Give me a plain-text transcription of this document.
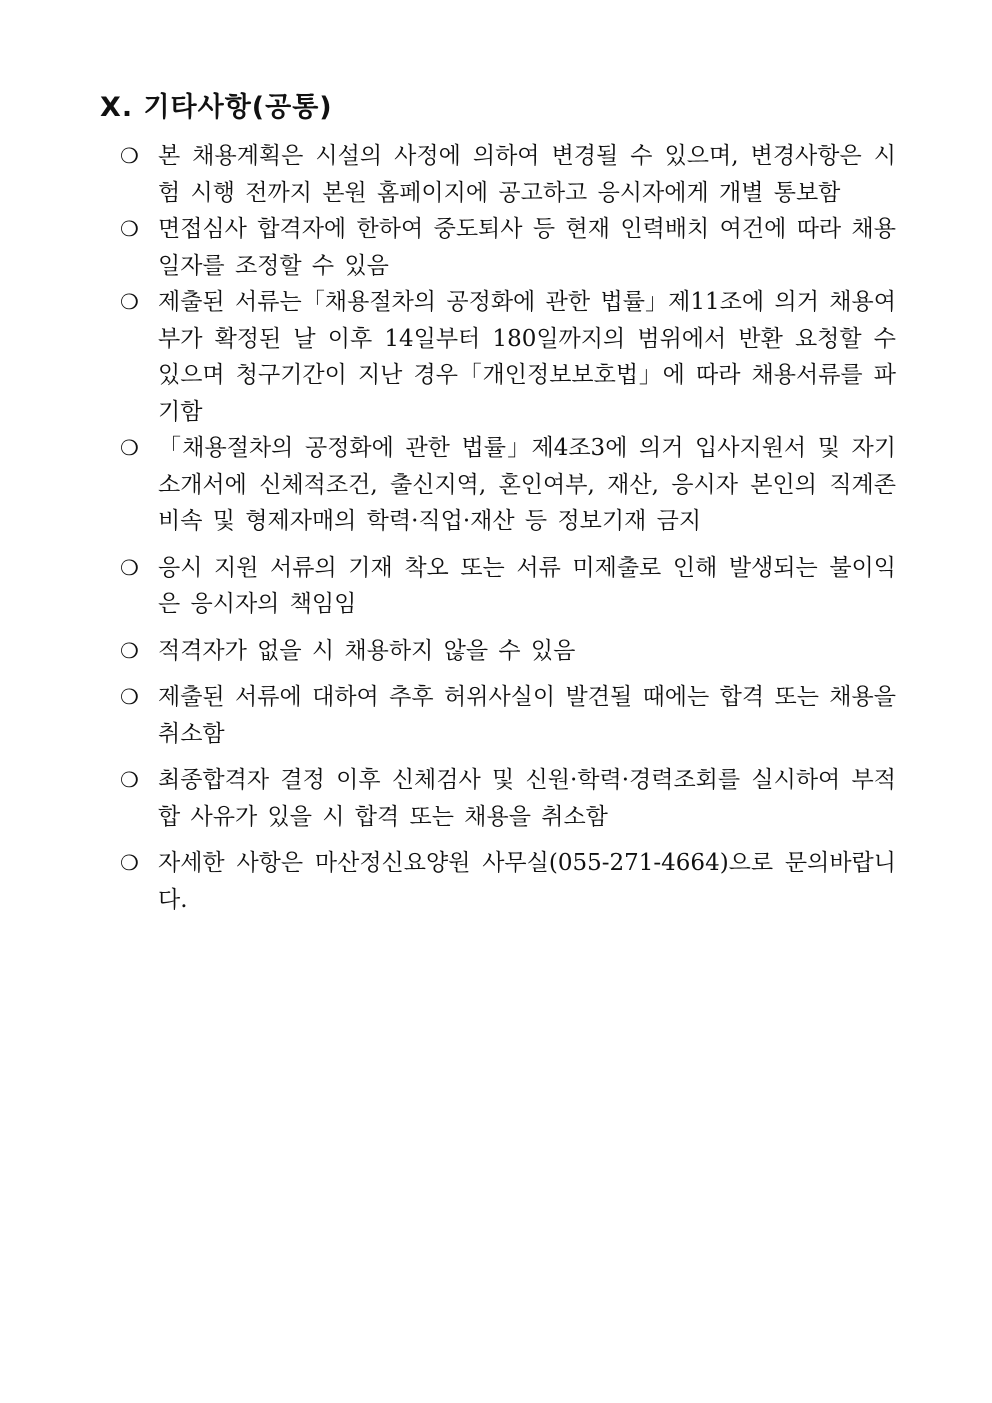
Ⅹ. 기타사항(공통)
❍ 본 채용계획은 시설의 사정에 의하여 변경될 수 있으며, 변경사항은 시험 시행 전까지 본원 홈페이지에 공고하고 응시자에게 개별 통보함
❍ 면접심사 합격자에 한하여 중도퇴사 등 현재 인력배치 여건에 따라 채용일자를 조정할 수 있음
❍ 제출된 서류는「채용절차의 공정화에 관한 법률」제11조에 의거 채용여부가 확정된 날 이후 14일부터 180일까지의 범위에서 반환 요청할 수 있으며 청구기간이 지난 경우「개인정보보호법」에 따라 채용서류를 파기함
❍ 「채용절차의 공정화에 관한 법률」제4조3에 의거 입사지원서 및 자기소개서에 신체적조건, 출신지역, 혼인여부, 재산, 응시자 본인의 직계존비속 및 형제자매의 학력·직업·재산 등 정보기재 금지
❍ 응시 지원 서류의 기재 착오 또는 서류 미제출로 인해 발생되는 불이익은 응시자의 책임임
❍ 적격자가 없을 시 채용하지 않을 수 있음
❍ 제출된 서류에 대하여 추후 허위사실이 발견될 때에는 합격 또는 채용을 취소함
❍ 최종합격자 결정 이후 신체검사 및 신원·학력·경력조회를 실시하여 부적합 사유가 있을 시 합격 또는 채용을 취소함
❍ 자세한 사항은 마산정신요양원 사무실(055-271-4664)으로 문의바랍니다.
